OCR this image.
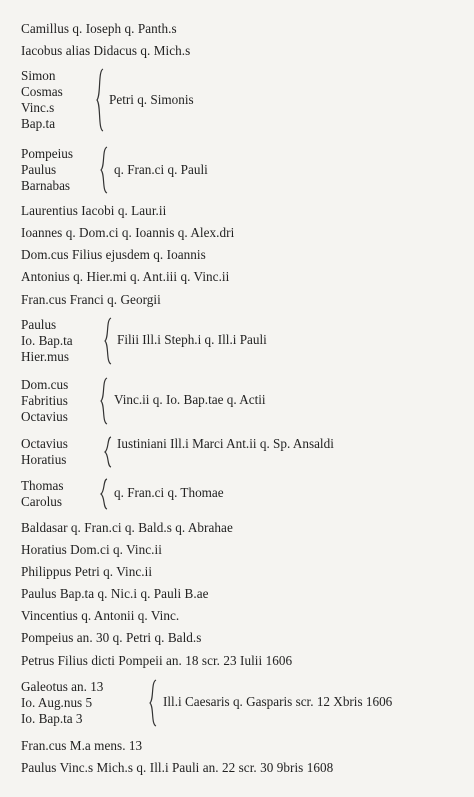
Camillus q. Ioseph q. Panth.s
Iacobus alias Didacus q. Mich.s
Simon
Cosmas
Vinc.s
Bap.ta
Petri q. Simonis
Pompeius
Paulus
Barnabas
q. Fran.ci q. Pauli
Laurentius Iacobi q. Laur.ii
Ioannes q. Dom.ci q. Ioannis q. Alex.dri
Dom.cus Filius ejusdem q. Ioannis
Antonius q. Hier.mi q. Ant.iii q. Vinc.ii
Fran.cus Franci q. Georgii
Paulus
Io. Bap.ta
Hier.mus
Filii Ill.i Steph.i q. Ill.i Pauli
Dom.cus
Fabritius
Octavius
Vinc.ii q. Io. Bap.tae q. Actii
Octavius
Horatius
Iustiniani Ill.i Marci Ant.ii q. Sp. Ansaldi
Thomas
Carolus
q. Fran.ci q. Thomae
Baldasar q. Fran.ci q. Bald.s q. Abrahae
Horatius Dom.ci q. Vinc.ii
Philippus Petri q. Vinc.ii
Paulus Bap.ta q. Nic.i q. Pauli B.ae
Vincentius q. Antonii q. Vinc.
Pompeius an. 30 q. Petri q. Bald.s
Petrus Filius dicti Pompeii an. 18 scr. 23 Iulii 1606
Galeotus an. 13
Io. Aug.nus 5
Io. Bap.ta 3
Ill.i Caesaris q. Gasparis scr. 12 Xbris 1606
Fran.cus M.a mens. 13
Paulus Vinc.s Mich.s q. Ill.i Pauli an. 22 scr. 30 9bris 1608
